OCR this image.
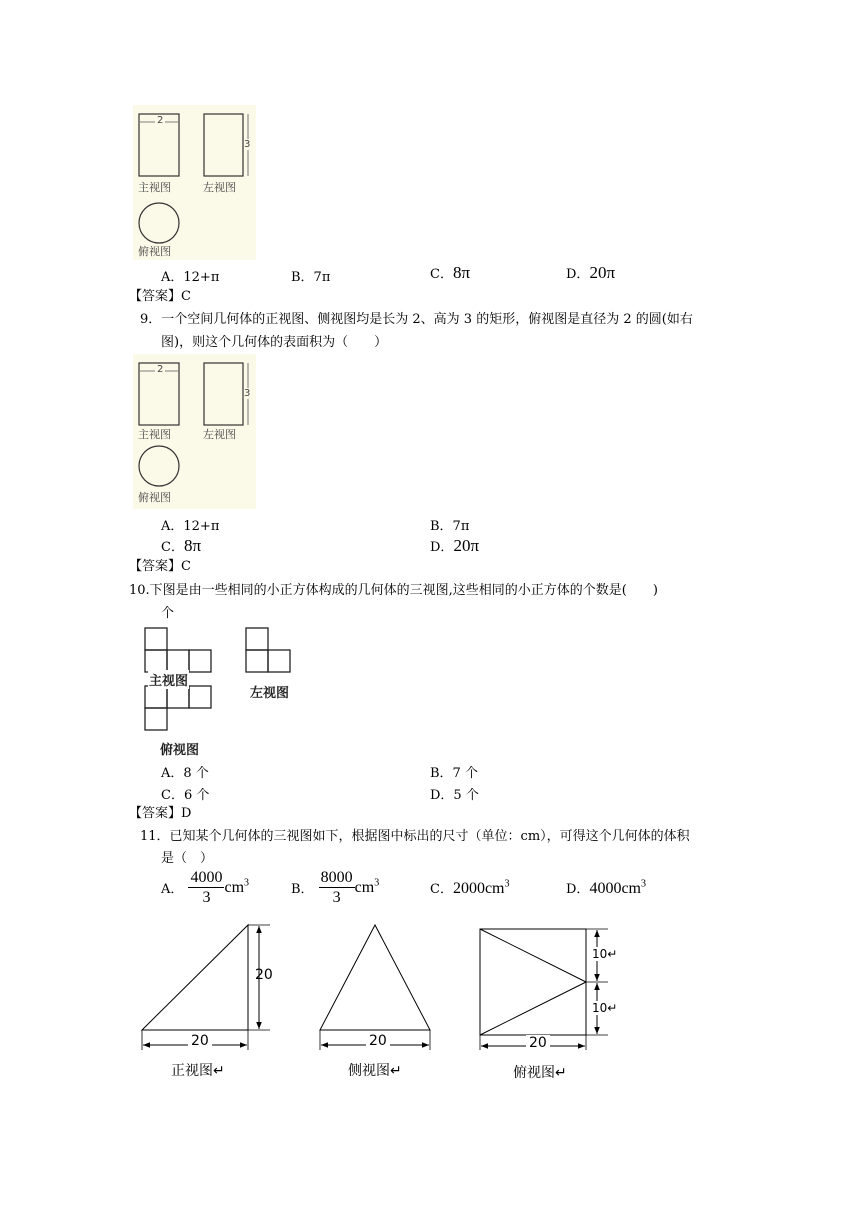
2
3
主视图	左视图
俯视图
A．12+π	B．7π	C．8π	D．20π
【答案】C
9．一个空间几何体的正视图、侧视图均是长为 2、高为 3 的矩形，俯视图是直径为 2 的圆(如右
图)，则这个几何体的表面积为（　　）
2
3
主视图	左视图
俯视图
A．12+π	B．7π
C．8π	D．20π
【答案】C
10.下图是由一些相同的小正方体构成的几何体的三视图,这些相同的小正方体的个数是(　　)
个
主视图
左视图
俯视图
A．8 个	B．7 个
C．6 个	D．5 个
【答案】D
11．已知某个几何体的三视图如下，根据图中标出的尺寸（单位：cm），可得这个几何体的体积
是（　）
A． $\frac{4000}{3} cm^3$	B． $\frac{8000}{3} cm^3$	C．$2000cm^3$	D．$4000cm^3$
20
20	20
10↵
10↵
20
正视图↵	侧视图↵	俯视图↵
